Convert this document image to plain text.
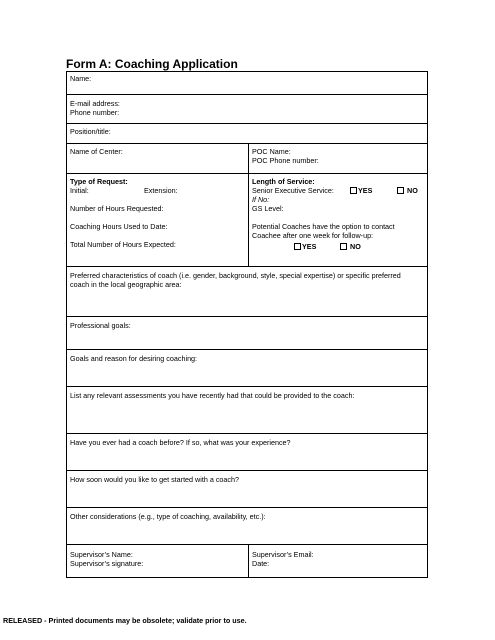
Form A: Coaching Application
Name:
E-mail address:
Phone number:
Position/title:
Name of Center:	POC Name:
POC Phone number:
Type of Request:
Initial:	Extension:
Number of Hours Requested:
Coaching Hours Used to Date:
Total Number of Hours Expected:
Length of Service:
Senior Executive Service:	YES	NO
If No:
GS Level:
Potential Coaches have the option to contact Coachee after one week for follow-up:
YES	NO
Preferred characteristics of coach (i.e. gender, background, style, special expertise) or specific preferred coach in the local geographic area:
Professional goals:
Goals and reason for desiring coaching:
List any relevant assessments you have recently had that could be provided to the coach:
Have you ever had a coach before? If so, what was your experience?
How soon would you like to get started with a coach?
Other considerations (e.g., type of coaching, availability, etc.):
Supervisor’s Name:
Supervisor’s signature:
Supervisor’s Email:
Date:
RELEASED - Printed documents may be obsolete; validate prior to use.
